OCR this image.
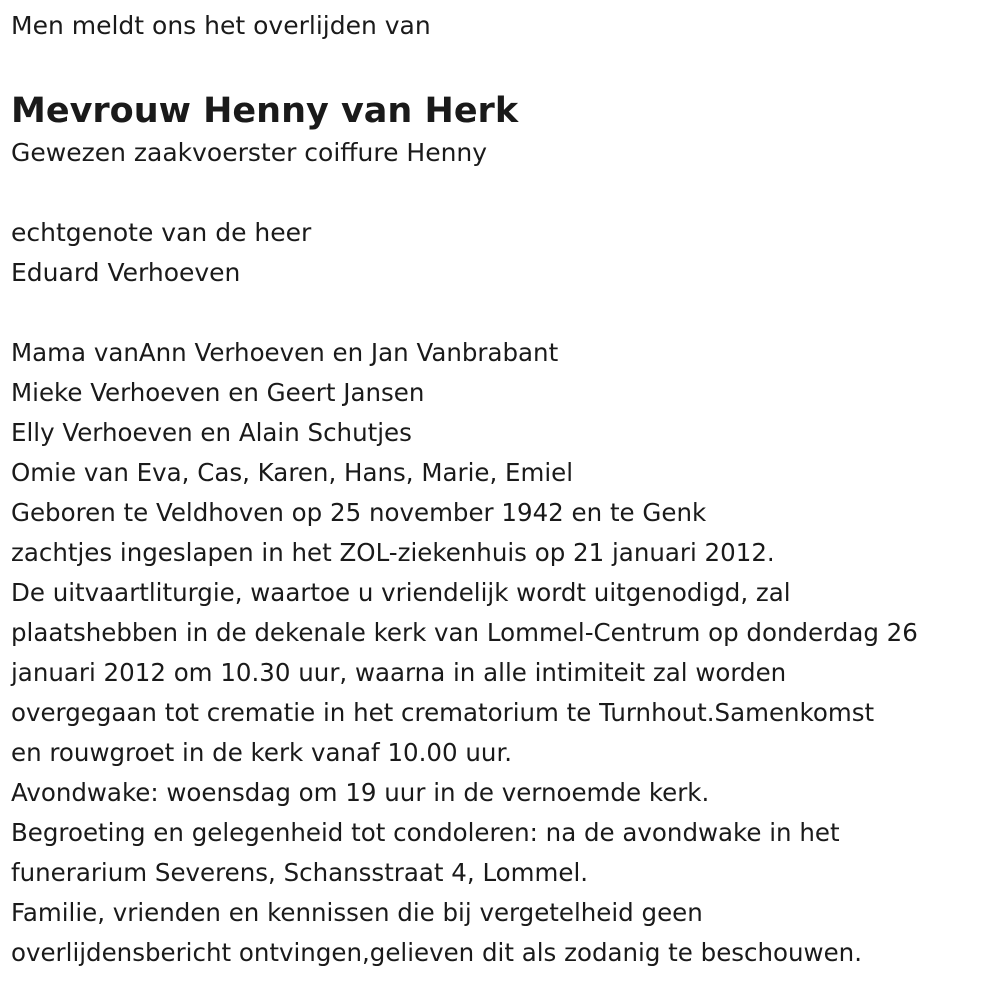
Men meldt ons het overlijden van
Mevrouw Henny van Herk
Gewezen zaakvoerster coiffure Henny
echtgenote van de heer
Eduard Verhoeven
Mama vanAnn Verhoeven en Jan Vanbrabant
Mieke Verhoeven en Geert Jansen
Elly Verhoeven en Alain Schutjes
Omie van Eva, Cas, Karen, Hans, Marie, Emiel
Geboren te Veldhoven op 25 november 1942 en te Genk
zachtjes ingeslapen in het ZOL-ziekenhuis op 21 januari 2012.
De uitvaartliturgie, waartoe u vriendelijk wordt uitgenodigd, zal
plaatshebben in de dekenale kerk van Lommel-Centrum op donderdag 26
januari 2012 om 10.30 uur, waarna in alle intimiteit zal worden
overgegaan tot crematie in het crematorium te Turnhout.Samenkomst
en rouwgroet in de kerk vanaf 10.00 uur.
Avondwake: woensdag om 19 uur in de vernoemde kerk.
Begroeting en gelegenheid tot condoleren: na de avondwake in het
funerarium Severens, Schansstraat 4, Lommel.
Familie, vrienden en kennissen die bij vergetelheid geen
overlijdensbericht ontvingen,gelieven dit als zodanig te beschouwen.
